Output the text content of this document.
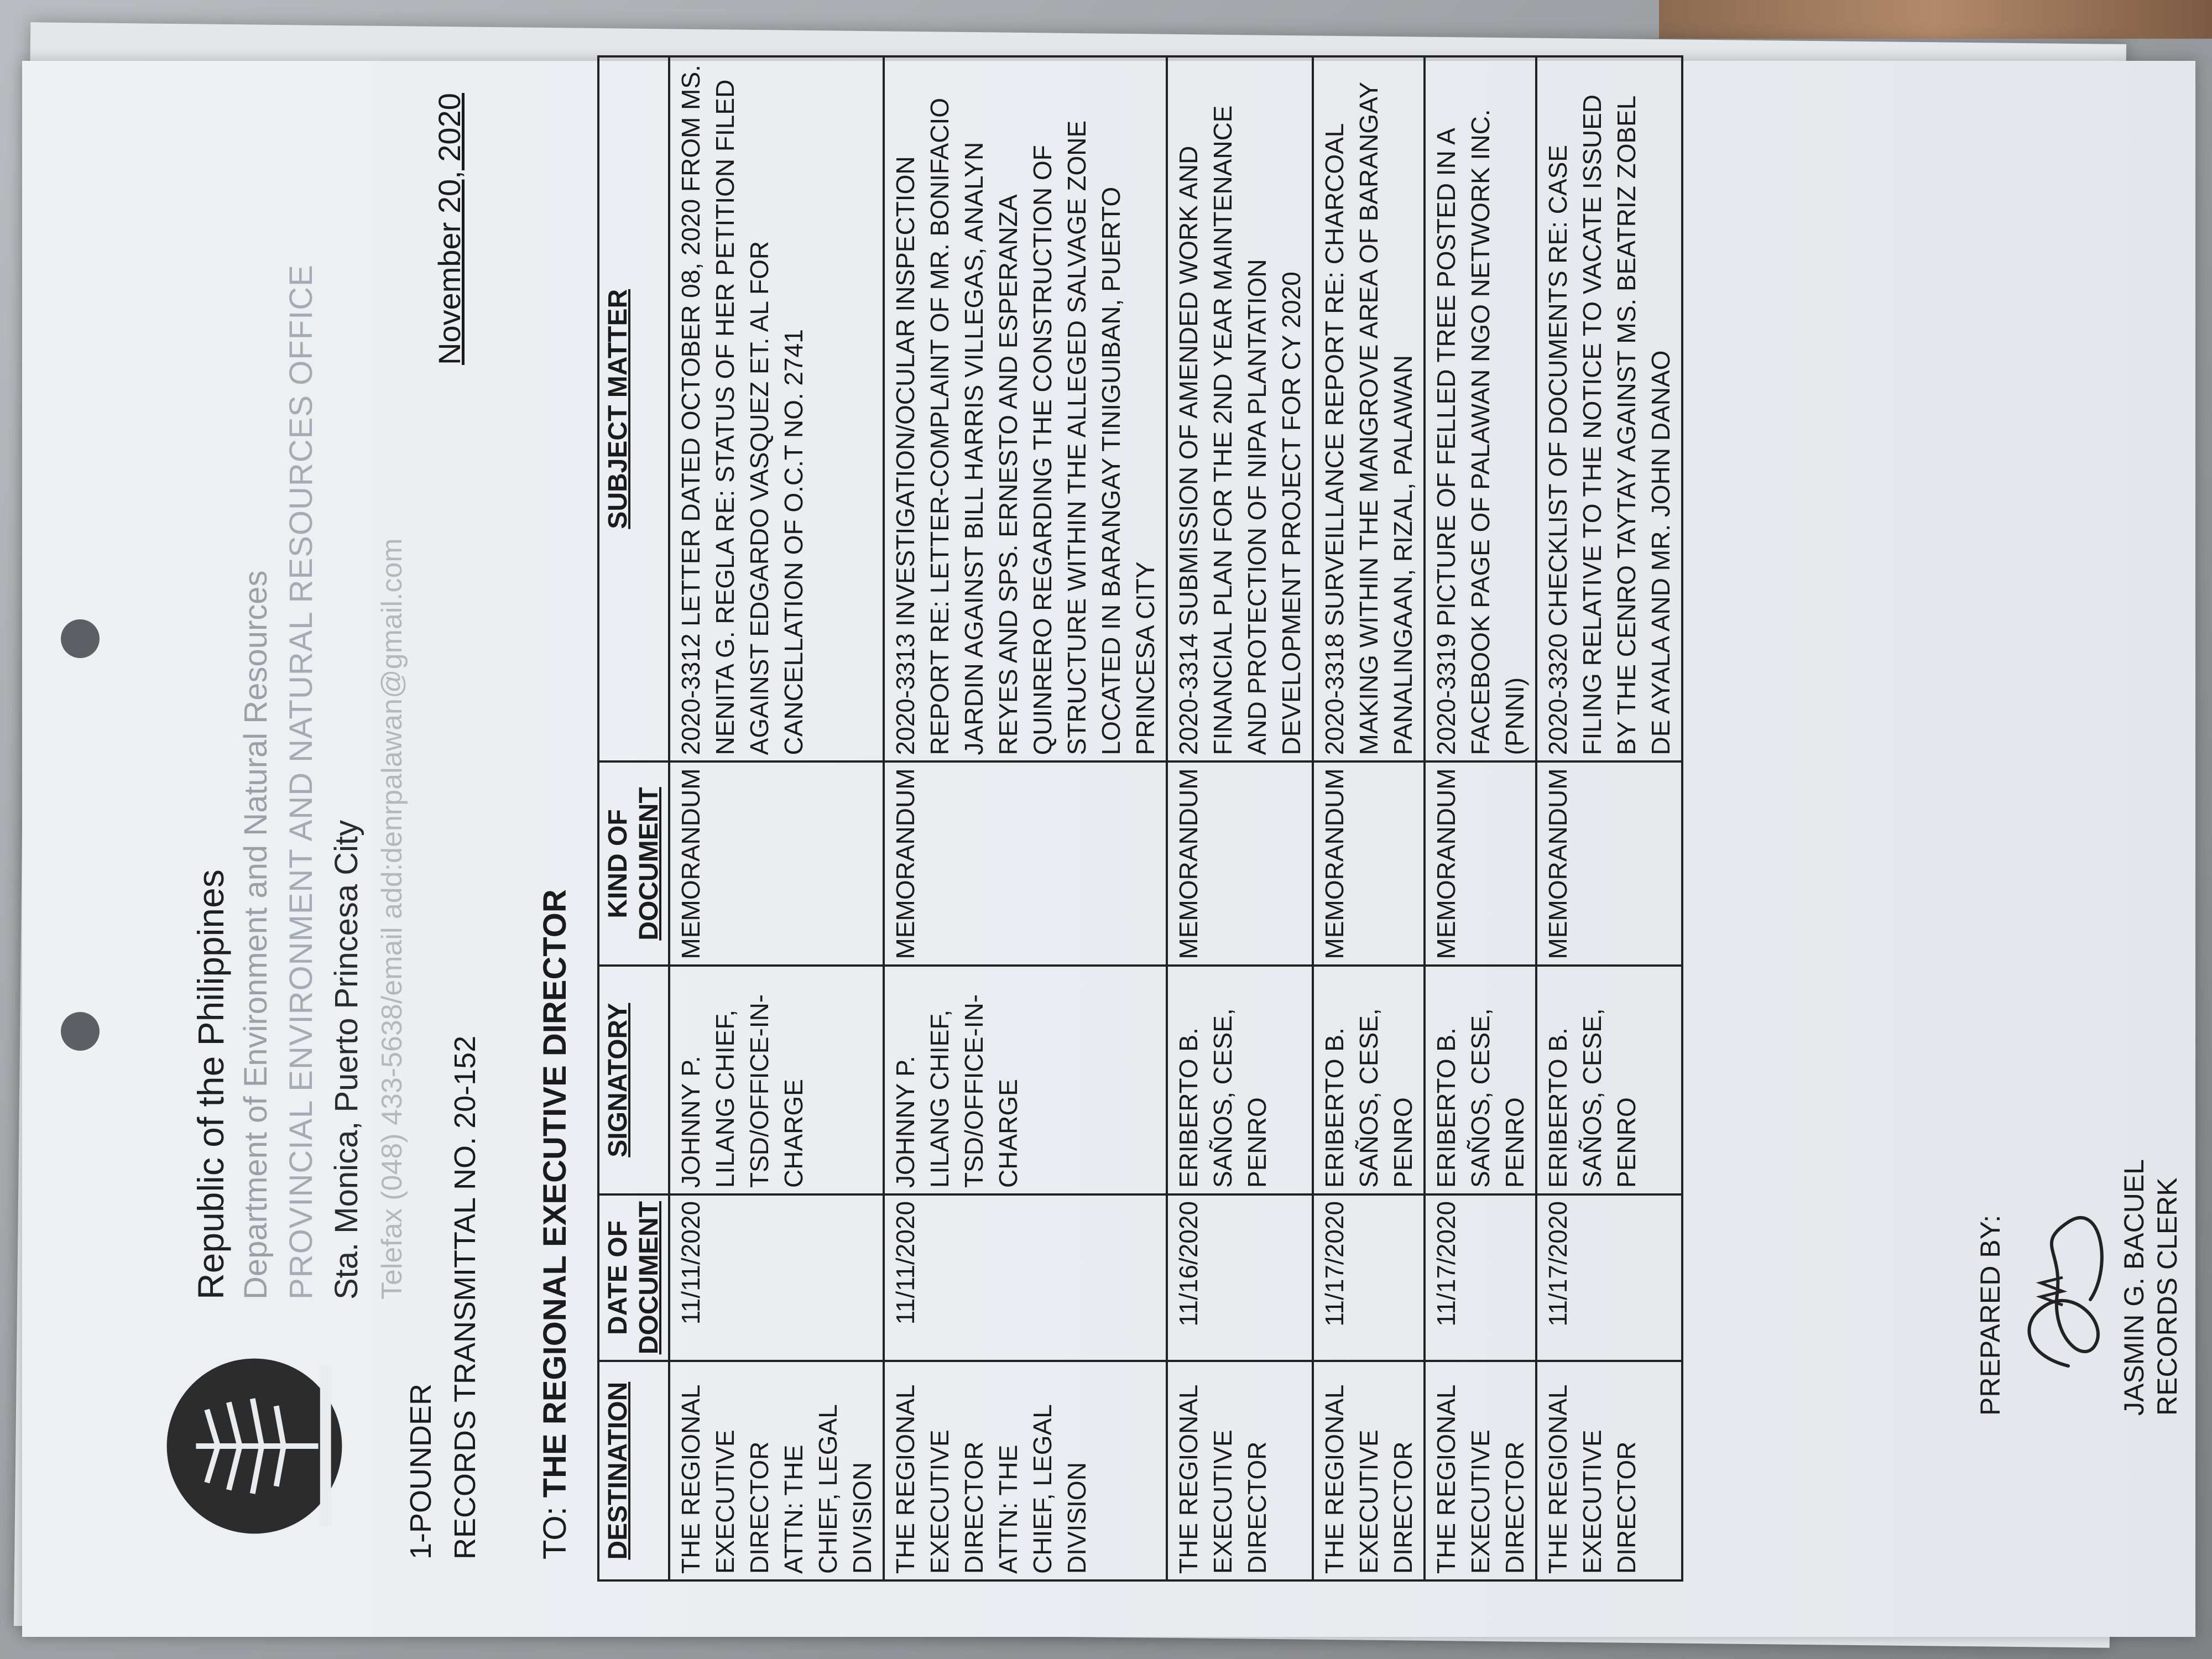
Republic of the Philippines Department of Environment and Natural Resources PROVINCIAL ENVIRONMENT AND NATURAL RESOURCES OFFICE Sta. Monica, Puerto Princesa City Telefax (048) 433-5638/email add:denrpalawan@gmail.com
1-POUNDER RECORDS TRANSMITTAL NO. 20-152
November 20, 2020
TO: THE REGIONAL EXECUTIVE DIRECTOR DESTINATION	DATE OF DOCUMENT	SIGNATORY	KIND OF DOCUMENT	SUBJECT MATTER
THE REGIONAL EXECUTIVE DIRECTOR ATTN: THE CHIEF, LEGAL DIVISION	11/11/2020	JOHNNY P. LILANG CHIEF, TSD/OFFICE-IN-CHARGE	MEMORANDUM	2020-3312 LETTER DATED OCTOBER 08, 2020 FROM MS. NENITA G. REGLA RE: STATUS OF HER PETITION FILED AGAINST EDGARDO VASQUEZ ET. AL FOR CANCELLATION OF O.C.T NO. 2741
THE REGIONAL EXECUTIVE DIRECTOR ATTN: THE CHIEF, LEGAL DIVISION	11/11/2020	JOHNNY P. LILANG CHIEF, TSD/OFFICE-IN-CHARGE	MEMORANDUM	2020-3313 INVESTIGATION/OCULAR INSPECTION REPORT RE: LETTER-COMPLAINT OF MR. BONIFACIO JARDIN AGAINST BILL HARRIS VILLEGAS, ANALYN REYES AND SPS. ERNESTO AND ESPERANZA QUINRERO REGARDING THE CONSTRUCTION OF STRUCTURE WITHIN THE ALLEGED SALVAGE ZONE LOCATED IN BARANGAY TINIGUIBAN, PUERTO PRINCESA CITY
THE REGIONAL EXECUTIVE DIRECTOR	11/16/2020	ERIBERTO B. SAÑOS, CESE, PENRO	MEMORANDUM	2020-3314 SUBMISSION OF AMENDED WORK AND FINANCIAL PLAN FOR THE 2ND YEAR MAINTENANCE AND PROTECTION OF NIPA PLANTATION DEVELOPMENT PROJECT FOR CY 2020
THE REGIONAL EXECUTIVE DIRECTOR	11/17/2020	ERIBERTO B. SAÑOS, CESE, PENRO	MEMORANDUM	2020-3318 SURVEILLANCE REPORT RE: CHARCOAL MAKING WITHIN THE MANGROVE AREA OF BARANGAY PANALINGAAN, RIZAL, PALAWAN
THE REGIONAL EXECUTIVE DIRECTOR	11/17/2020	ERIBERTO B. SAÑOS, CESE, PENRO	MEMORANDUM	2020-3319 PICTURE OF FELLED TREE POSTED IN A FACEBOOK PAGE OF PALAWAN NGO NETWORK INC. (PNNI)
THE REGIONAL EXECUTIVE DIRECTOR	11/17/2020	ERIBERTO B. SAÑOS, CESE, PENRO	MEMORANDUM	2020-3320 CHECKLIST OF DOCUMENTS RE: CASE FILING RELATIVE TO THE NOTICE TO VACATE ISSUED BY THE CENRO TAYTAY AGAINST MS. BEATRIZ ZOBEL DE AYALA AND MR. JOHN DANAO
PREPARED BY:	JASMIN G. BACUEL RECORDS CLERK
